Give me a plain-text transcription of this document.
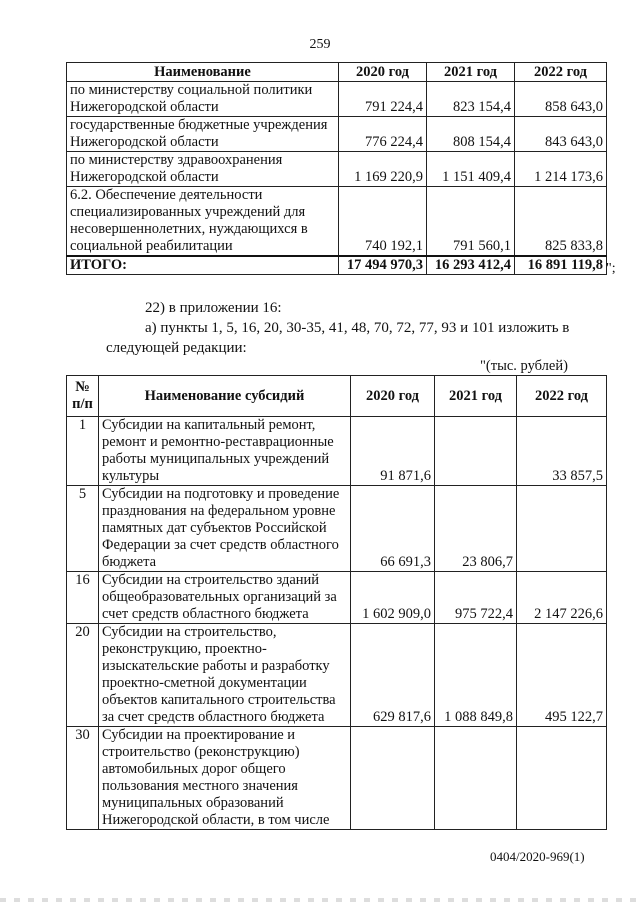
259
Наименование	2020 год	2021 год	2022 год
по министерству социальной политики Нижегородской области	791 224,4	823 154,4	858 643,0
государственные бюджетные учреждения Нижегородской области	776 224,4	808 154,4	843 643,0
по министерству здравоохранения Нижегородской области	1 169 220,9	1 151 409,4	1 214 173,6
6.2. Обеспечение деятельности специализированных учреждений для несовершеннолетних, нуждающихся в социальной реабилитации	740 192,1	791 560,1	825 833,8
ИТОГО:	17 494 970,3	16 293 412,4	16 891 119,8 ";
22) в приложении 16:
а) пункты 1, 5, 16, 20, 30-35, 41, 48, 70, 72, 77, 93 и 101 изложить в
следующей редакции:
"(тыс. рублей)
№ п/п	Наименование субсидий	2020 год	2021 год	2022 год
1	Субсидии на капитальный ремонт, ремонт и ремонтно-реставрационные работы муниципальных учреждений культуры	91 871,6		33 857,5
5	Субсидии на подготовку и проведение празднования на федеральном уровне памятных дат субъектов Российской Федерации за счет средств областного бюджета	66 691,3	23 806,7	
16	Субсидии на строительство зданий общеобразовательных организаций за счет средств областного бюджета	1 602 909,0	975 722,4	2 147 226,6
20	Субсидии на строительство, реконструкцию, проектно-изыскательские работы и разработку проектно-сметной документации объектов капитального строительства за счет средств областного бюджета	629 817,6	1 088 849,8	495 122,7
30	Субсидии на проектирование и строительство (реконструкцию) автомобильных дорог общего пользования местного значения муниципальных образований Нижегородской области, в том числе			
0404/2020-969(1)
